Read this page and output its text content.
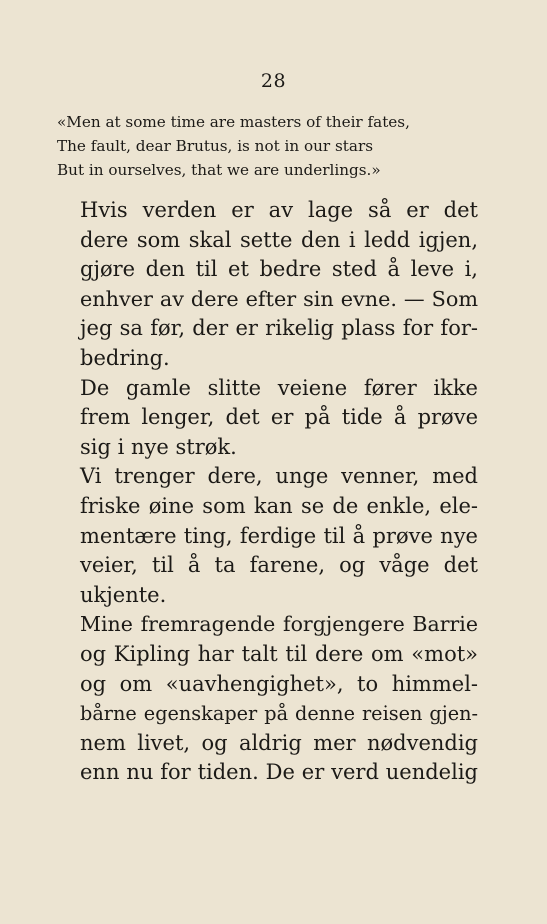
28
«Men at some time are masters of their fates,
The fault, dear Brutus, is not in our stars
But in ourselves, that we are underlings.»

Hvis verden er av lage så er det
dere som skal sette den i ledd igjen,
gjøre den til et bedre sted å leve i,
enhver av dere efter sin evne. — Som
jeg sa før, der er rikelig plass for for-
bedring.

De gamle slitte veiene fører ikke
frem lenger, det er på tide å prøve
sig i nye strøk.

Vi trenger dere, unge venner, med
friske øine som kan se de enkle, ele-
mentære ting, ferdige til å prøve nye
veier, til å ta farene, og våge det
ukjente.

Mine fremragende forgjengere Barrie
og Kipling har talt til dere om «mot»
og om «uavhengighet», to himmel-
bårne egenskaper på denne reisen gjen-
nem livet, og aldrig mer nødvendig
enn nu for tiden. De er verd uendelig
